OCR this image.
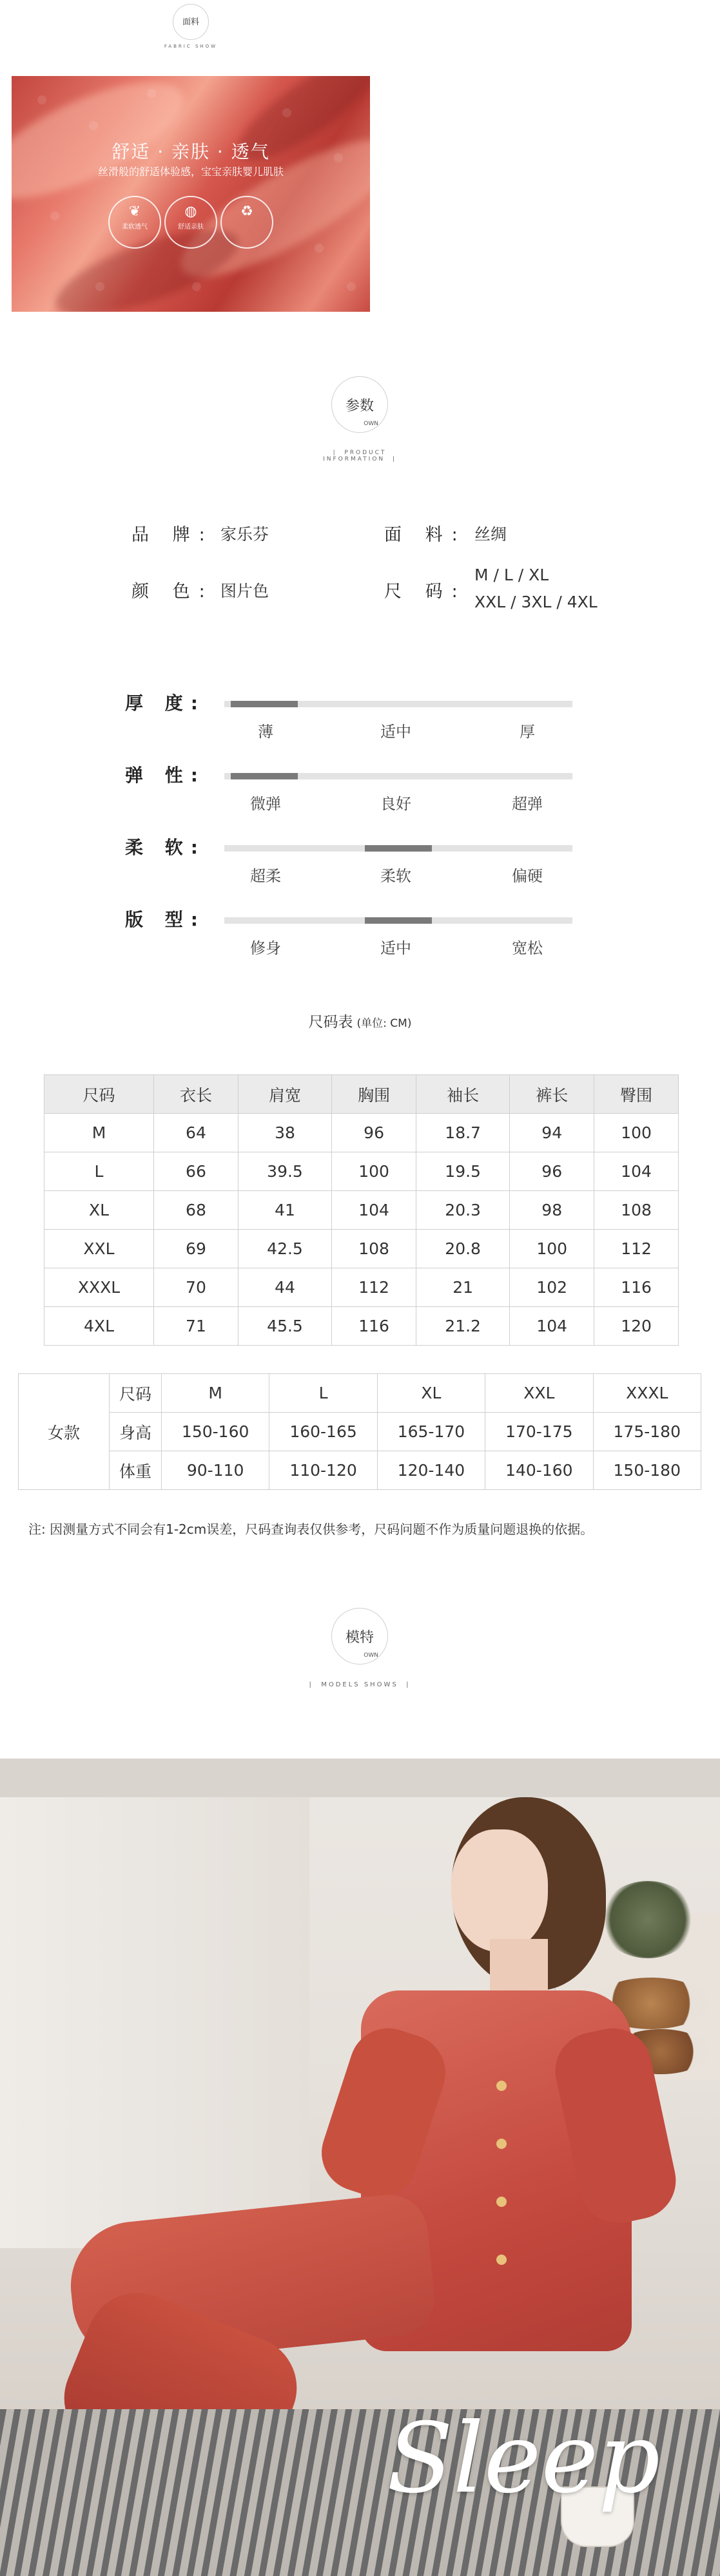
面料
FABRIC SHOW
舒适 · 亲肤 · 透气
丝滑般的舒适体验感，宝宝亲肤婴儿肌肤
❦
柔软透气
◍
舒适亲肤
♻
参数
OWN
|  PRODUCT INFORMATION  |
品 牌: 家乐芬	面 料: 丝绸
颜 色: 图片色	尺 码:
M / L / XL
XXL / 3XL / 4XL
厚 度:
薄	适中	厚
弹 性:
微弹	良好	超弹
柔 软:
超柔	柔软	偏硬
版 型:
修身	适中	宽松
尺码表 (单位: CM)
尺码	衣长	肩宽	胸围	袖长	裤长	臀围
M	64	38	96	18.7	94	100
L	66	39.5	100	19.5	96	104
XL	68	41	104	20.3	98	108
XXL	69	42.5	108	20.8	100	112
XXXL	70	44	112	21	102	116
4XL	71	45.5	116	21.2	104	120
女款	尺码	M	L	XL	XXL	XXXL
	身高	150-160	160-165	165-170	170-175	175-180
	体重	90-110	110-120	120-140	140-160	150-180
注: 因测量方式不同会有1-2cm误差，尺码查询表仅供参考，尺码问题不作为质量问题退换的依据。
模特
OWN
|  MODELS SHOWS  |
Sleep
